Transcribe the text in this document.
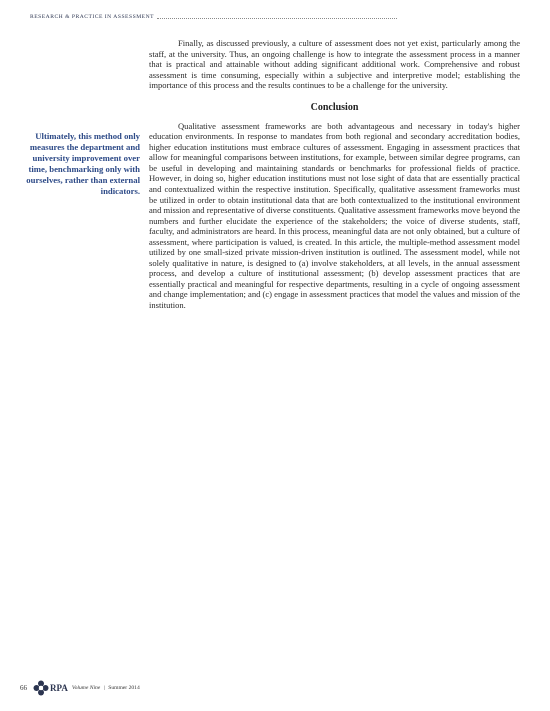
RESEARCH & PRACTICE IN ASSESSMENT

Finally, as discussed previously, a culture of assessment does not yet exist, particularly among the staff, at the university. Thus, an ongoing challenge is how to integrate the assessment process in a manner that is practical and attainable without adding significant additional work. Comprehensive and robust assessment is time consuming, especially within a subjective and interpretive model; establishing the importance of this process and the results continues to be a challenge for the university.

Conclusion

Qualitative assessment frameworks are both advantageous and necessary in today's higher education environments. In response to mandates from both regional and secondary accreditation bodies, higher education institutions must embrace cultures of assessment. Engaging in assessment practices that allow for meaningful comparisons between institutions, for example, between similar degree programs, can be useful in developing and maintaining standards or benchmarks for professional fields of practice. However, in doing so, higher education institutions must not lose sight of data that are essentially practical and contextualized within the respective institution. Specifically, qualitative assessment frameworks must be utilized in order to obtain institutional data that are both contextualized to the institutional environment and mission and representative of diverse constituents. Qualitative assessment frameworks move beyond the numbers and further elucidate the experience of the stakeholders; the voice of diverse students, staff, faculty, and administrators are heard. In this process, meaningful data are not only obtained, but a culture of assessment, where participation is valued, is created. In this article, the multiple-method assessment model utilized by one small-sized private mission-driven institution is outlined. The assessment model, while not solely qualitative in nature, is designed to (a) involve stakeholders, at all levels, in the annual assessment process, and develop a culture of institutional assessment; (b) develop assessment practices that are essentially practical and meaningful for respective departments, resulting in a cycle of ongoing assessment and change implementation; and (c) engage in assessment practices that model the values and mission of the institution.

Ultimately, this method only measures the department and university improvement over time, benchmarking only with ourselves, rather than external indicators.
66	RPA Volume Nine | Summer 2014
